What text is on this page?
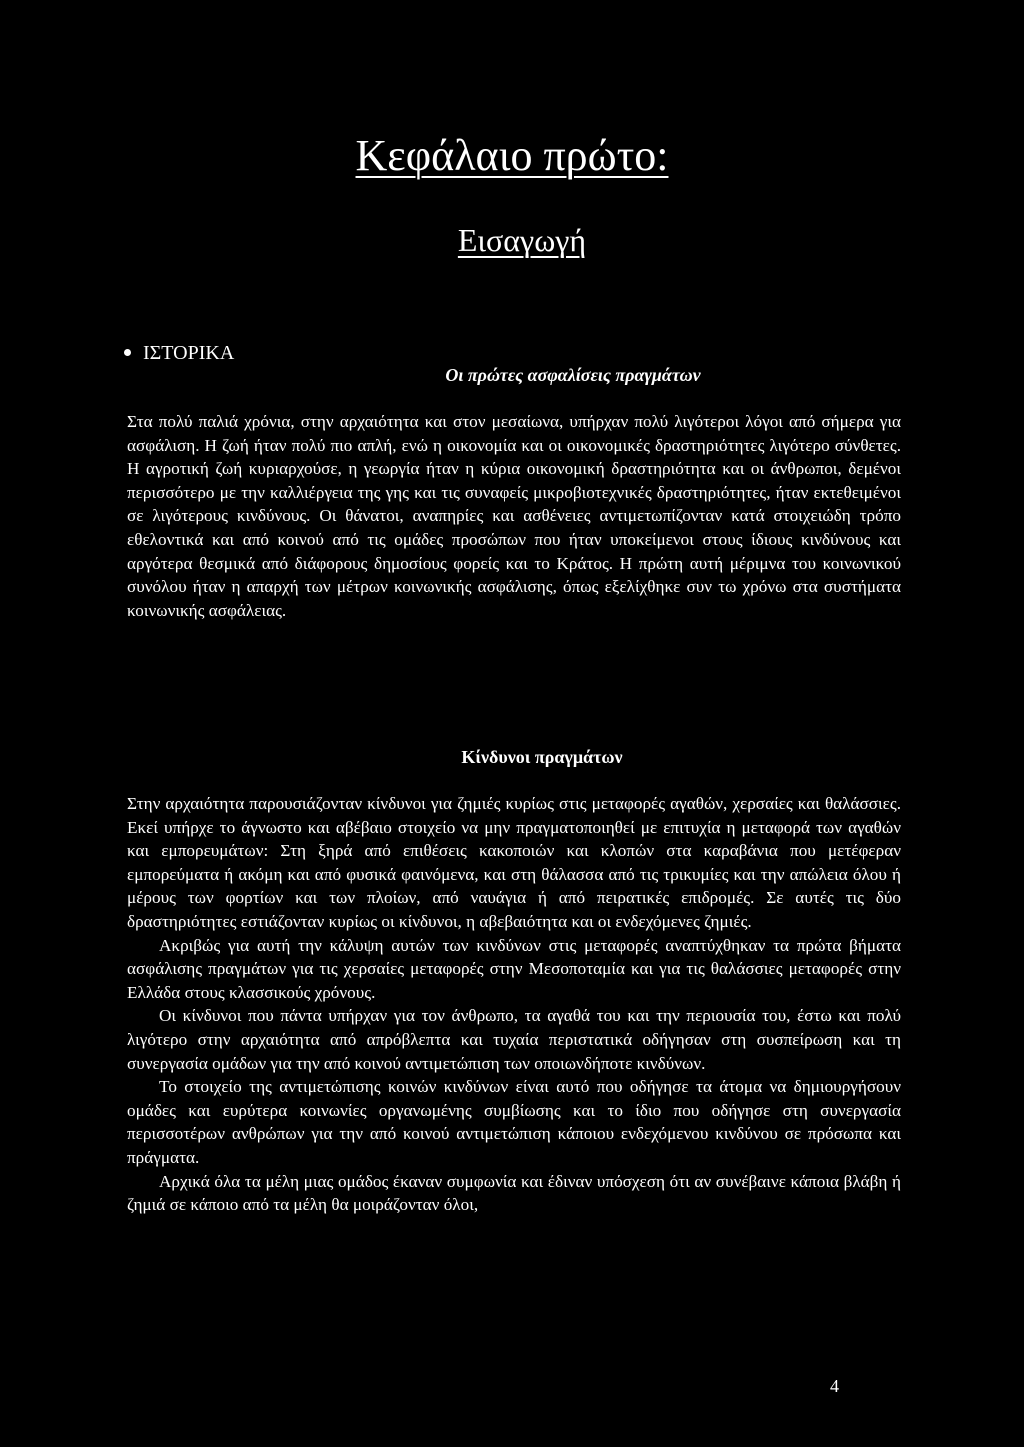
Κεφάλαιο πρώτο:
Εισαγωγή
ΙΣΤΟΡΙΚΑ
Οι πρώτες ασφαλίσεις πραγμάτων
Στα πολύ παλιά χρόνια, στην αρχαιότητα και στον μεσαίωνα, υπήρχαν πολύ λιγότεροι λόγοι από σήμερα για ασφάλιση. Η ζωή ήταν πολύ πιο απλή, ενώ η οικονομία και οι οικονομικές δραστηριότητες λιγότερο σύνθετες. Η αγροτική ζωή κυριαρχούσε, η γεωργία ήταν η κύρια οικονομική δραστηριότητα και οι άνθρωποι, δεμένοι περισσότερο με την καλλιέργεια της γης και τις συναφείς μικροβιοτεχνικές δραστηριότητες, ήταν εκτεθειμένοι σε λιγότερους κινδύνους. Οι θάνατοι, αναπηρίες και ασθένειες αντιμετωπίζονταν κατά στοιχειώδη τρόπο εθελοντικά και από κοινού από τις ομάδες προσώπων που ήταν υποκείμενοι στους ίδιους κινδύνους και αργότερα θεσμικά από διάφορους δημοσίους φορείς και το Κράτος. Η πρώτη αυτή μέριμνα του κοινωνικού συνόλου ήταν η απαρχή των μέτρων κοινωνικής ασφάλισης, όπως εξελίχθηκε συν τω χρόνω στα συστήματα κοινωνικής ασφάλειας.
Κίνδυνοι πραγμάτων

Στην αρχαιότητα παρουσιάζονταν κίνδυνοι για ζημιές κυρίως στις μεταφορές αγαθών, χερσαίες και θαλάσσιες. Εκεί υπήρχε το άγνωστο και αβέβαιο στοιχείο να μην πραγματοποιηθεί με επιτυχία η μεταφορά των αγαθών και εμπορευμάτων: Στη ξηρά από επιθέσεις κακοποιών και κλοπών στα καραβάνια που μετέφεραν εμπορεύματα ή ακόμη και από φυσικά φαινόμενα, και στη θάλασσα από τις τρικυμίες και την απώλεια όλου ή μέρους των φορτίων και των πλοίων, από ναυάγια ή από πειρατικές επιδρομές. Σε αυτές τις δύο δραστηριότητες εστιάζονταν κυρίως οι κίνδυνοι, η αβεβαιότητα και οι ενδεχόμενες ζημιές.

Ακριβώς για αυτή την κάλυψη αυτών των κινδύνων στις μεταφορές αναπτύχθηκαν τα πρώτα βήματα ασφάλισης πραγμάτων για τις χερσαίες μεταφορές στην Μεσοποταμία και για τις θαλάσσιες μεταφορές στην Ελλάδα στους κλασσικούς χρόνους.

Οι κίνδυνοι που πάντα υπήρχαν για τον άνθρωπο, τα αγαθά του και την περιουσία του, έστω και πολύ λιγότερο στην αρχαιότητα από απρόβλεπτα και τυχαία περιστατικά οδήγησαν στη συσπείρωση και τη συνεργασία ομάδων για την από κοινού αντιμετώπιση των οποιωνδήποτε κινδύνων.

Το στοιχείο της αντιμετώπισης κοινών κινδύνων είναι αυτό που οδήγησε τα άτομα να δημιουργήσουν ομάδες και ευρύτερα κοινωνίες οργανωμένης συμβίωσης και το ίδιο που οδήγησε στη συνεργασία περισσοτέρων ανθρώπων για την από κοινού αντιμετώπιση κάποιου ενδεχόμενου κινδύνου σε πρόσωπα και πράγματα.

Αρχικά όλα τα μέλη μιας ομάδος έκαναν συμφωνία και έδιναν υπόσχεση ότι αν συνέβαινε κάποια βλάβη ή ζημιά σε κάποιο από τα μέλη θα μοιράζονταν όλοι,

4
